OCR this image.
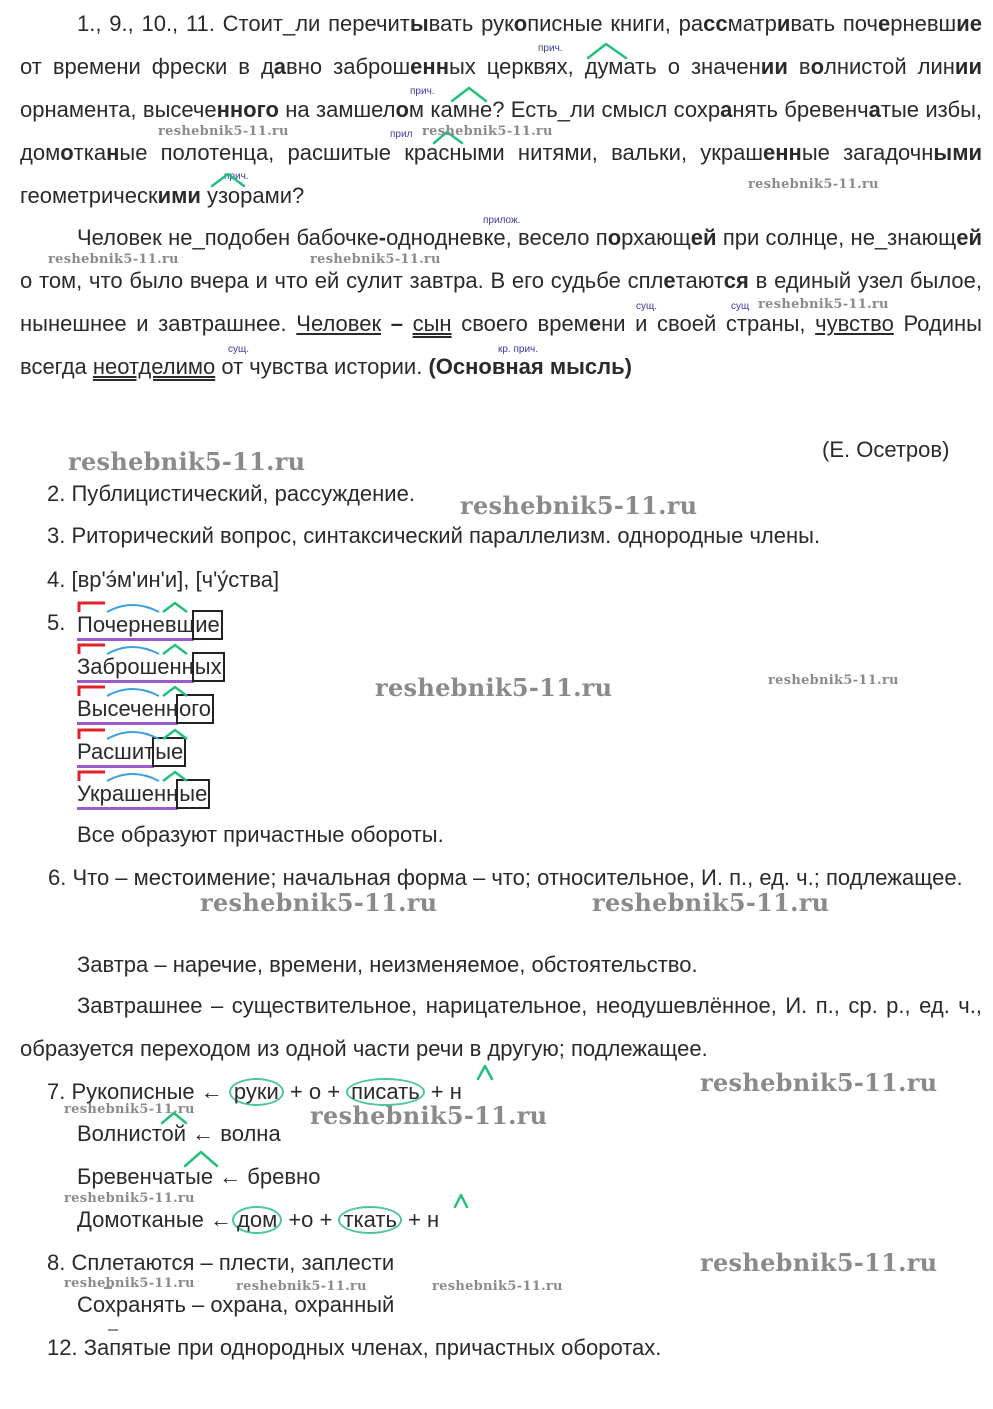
1., 9., 10., 11. Стоит_ли перечитывать рукописные книги, рассматривать почерневшие от времени фрески в давно заброшенных церквях, думать о значении волнистой линии орнамента, высеченного на замшелом камне? Есть_ли смысл сохранять бревенчатые избы, домотканые полотенца, расшитые красными нитями, вальки, украшенные загадочными геометрическими узорами?
Человек не_подобен бабочке-однодневке, весело порхающей при солнце, не_знающей о том, что было вчера и что ей сулит завтра. В его судьбе сплетаются в единый узел былое, нынешнее и завтрашнее. Человек – сын своего времени и своей страны, чувство Родины всегда неотделимо от чувства истории. (Основная мысль)
(Е. Осетров)
2. Публицистический, рассуждение.
3. Риторический вопрос, синтаксический параллелизм. однородные члены.
4. [вр'э́м'ин'и], [ч'у́ства]
5. Почерневшие
Заброшенных
Высеченного
Расшитые
Украшенные
Все образуют причастные обороты.
6. Что – местоимение; начальная форма – что; относительное, И. п., ед. ч.; подлежащее.
Завтра – наречие, времени, неизменяемое, обстоятельство.
Завтрашнее – существительное, нарицательное, неодушевлённое, И. п., ср. р., ед. ч., образуется переходом из одной части речи в другую; подлежащее.
7. Рукописные ← руки + о + писать + н
Волнистой ← волна
Бревенчатые ← бревно
Домотканые ← дом +о + ткать + н
8. Сплетаются – плести, заплести
Сохранять – охрана, охранный
12. Запятые при однородных членах, причастных оборотах.
прич.
прич.
прил
прич.
прилож.
сущ.	сущ
сущ.	кр. прич.
reshebnik5-11.ru
reshebnik5-11.ru
reshebnik5-11.ru	reshebnik5-11.ru
reshebnik5-11.ru	reshebnik5-11.ru
reshebnik5-11.ru
reshebnik5-11.ru
reshebnik5-11.ru
reshebnik5-11.ru	reshebnik5-11.ru
reshebnik5-11.ru
reshebnik5-11.ru	reshebnik5-11.ru
reshebnik5-11.ru
reshebnik5-11.ru
reshebnik5-11.ru
reshebnik5-11.ru	reshebnik5-11.ru	reshebnik5-11.ru
